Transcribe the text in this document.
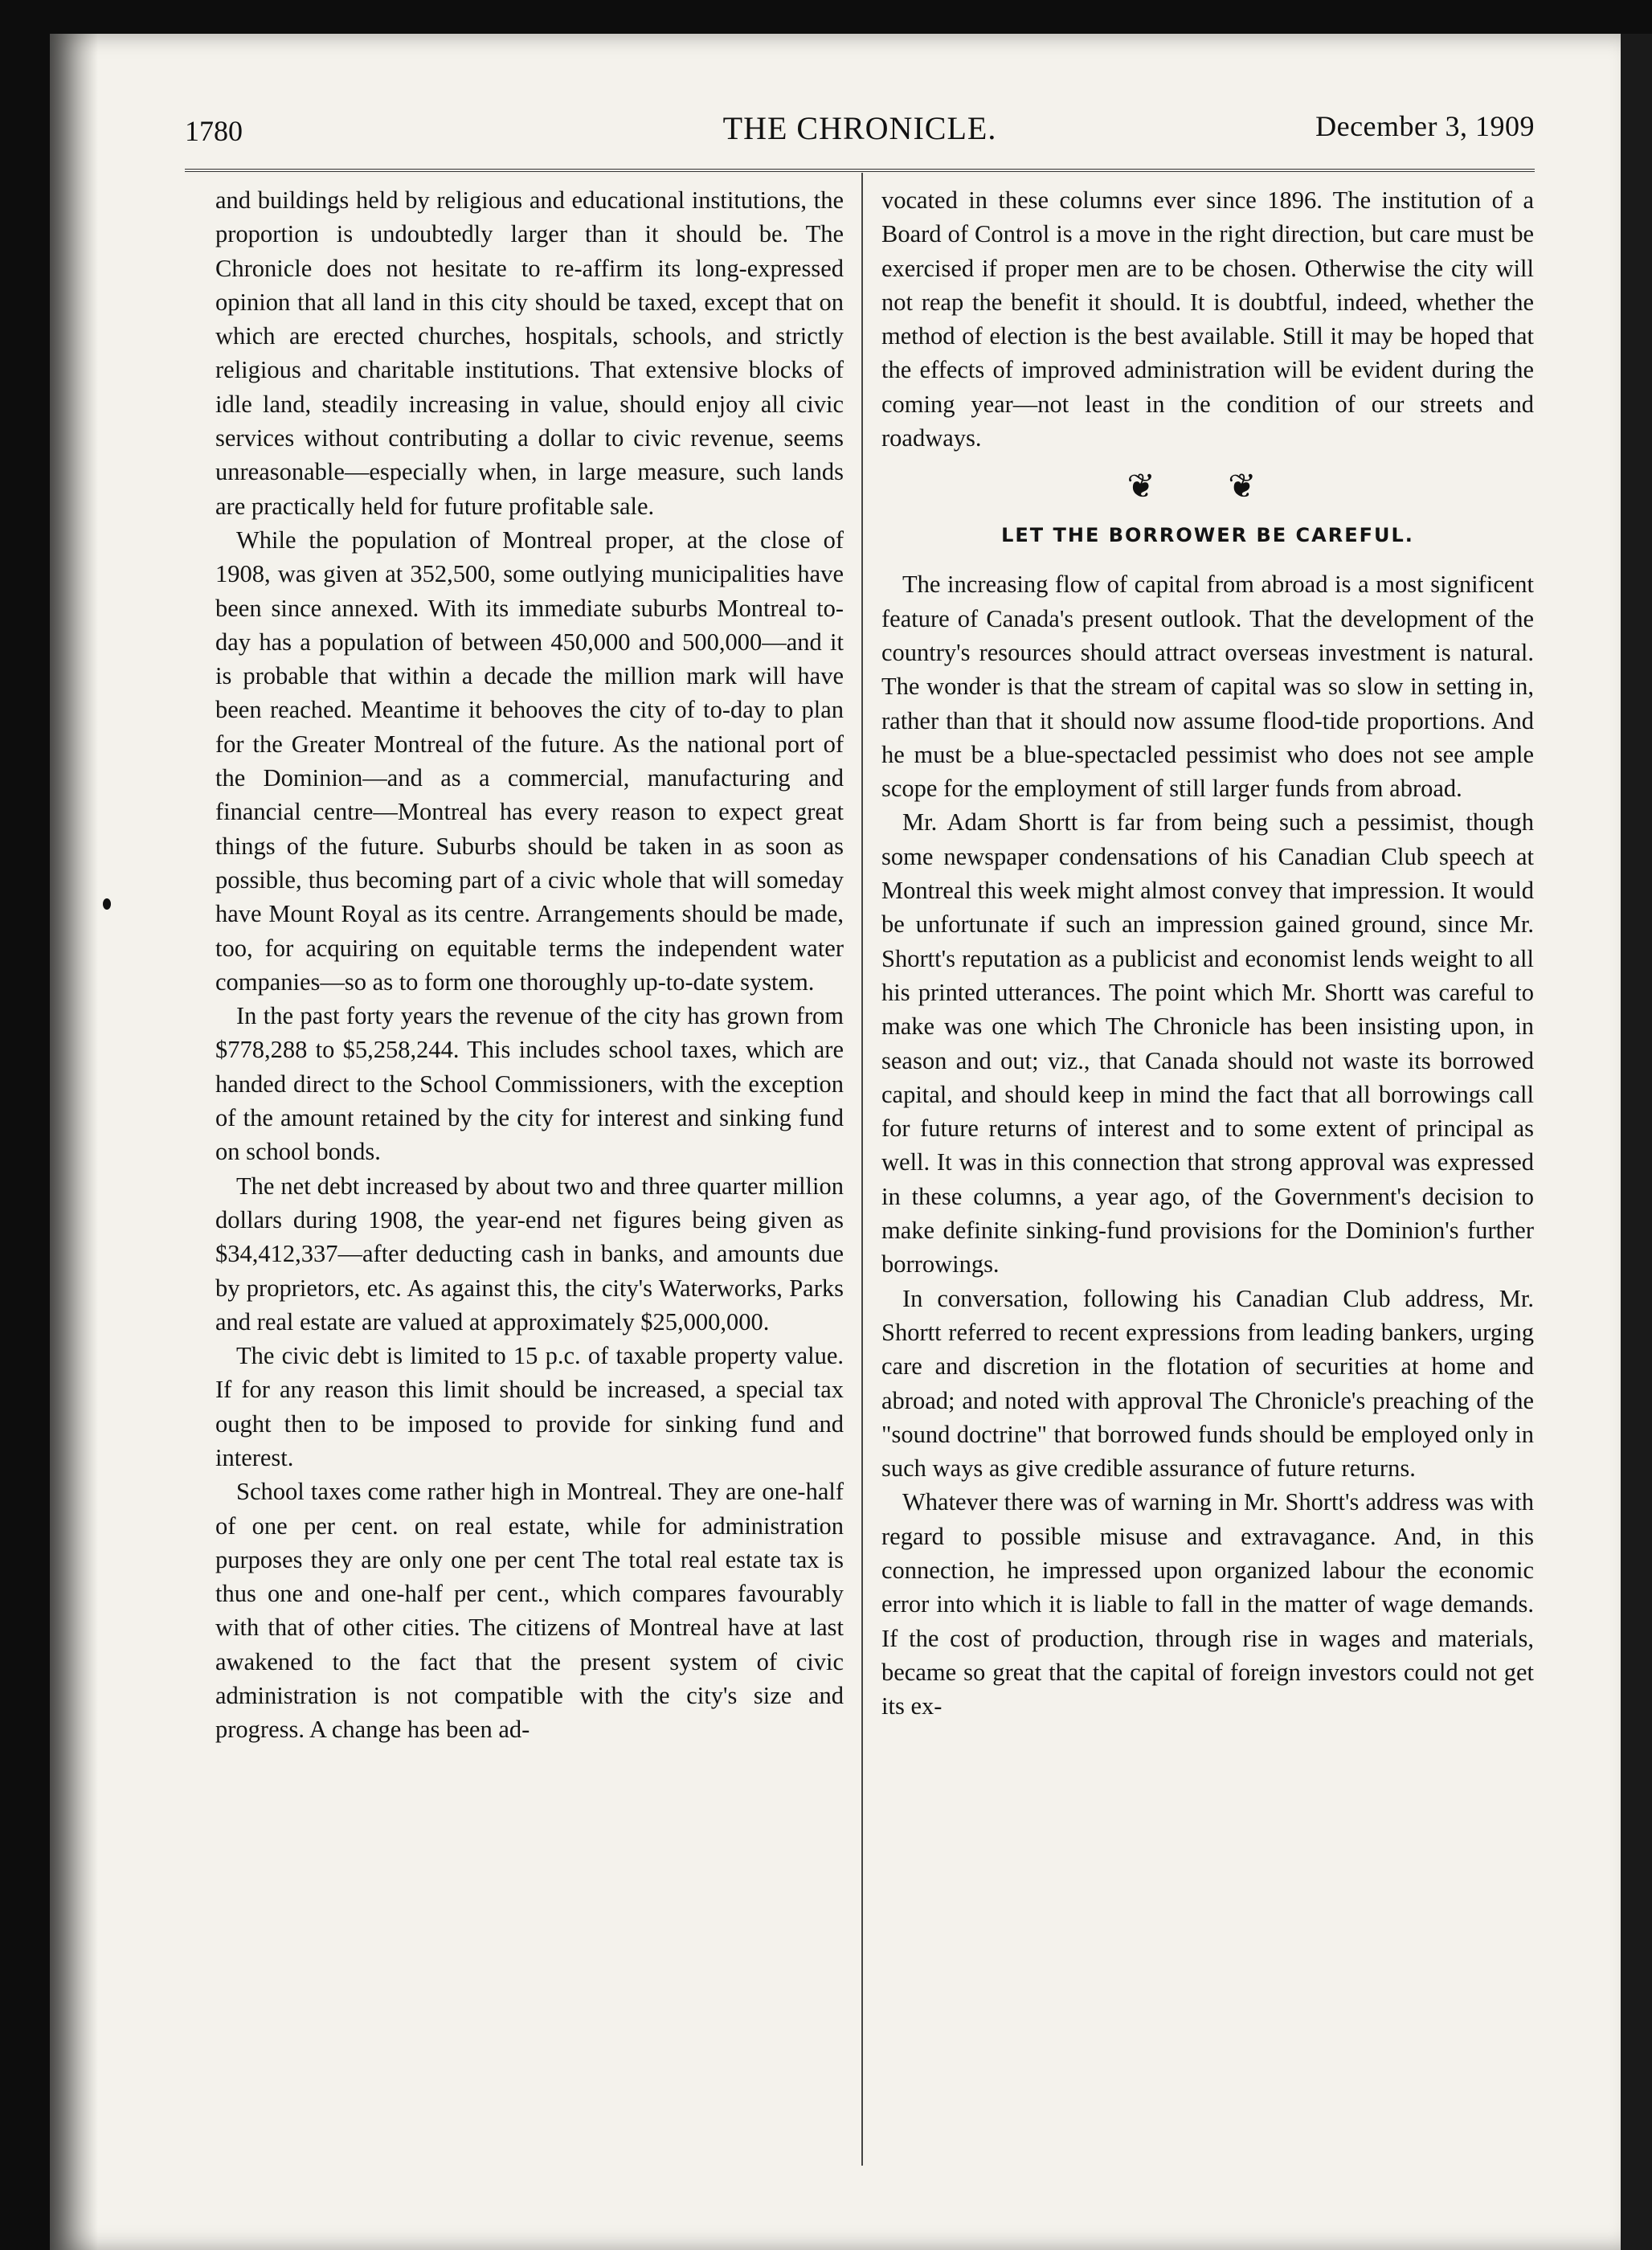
1780	THE CHRONICLE.	December 3, 1909

and buildings held by religious and educational institutions, the proportion is undoubtedly larger than it should be. The Chronicle does not hesitate to re-affirm its long-expressed opinion that all land in this city should be taxed, except that on which are erected churches, hospitals, schools, and strictly religious and charitable institutions. That extensive blocks of idle land, steadily increasing in value, should enjoy all civic services without contributing a dollar to civic revenue, seems unreasonable—especially when, in large measure, such lands are practically held for future profitable sale.

While the population of Montreal proper, at the close of 1908, was given at 352,500, some outlying municipalities have been since annexed. With its immediate suburbs Montreal to-day has a population of between 450,000 and 500,000—and it is probable that within a decade the million mark will have been reached. Meantime it behooves the city of to-day to plan for the Greater Montreal of the future. As the national port of the Dominion—and as a commercial, manufacturing and financial centre—Montreal has every reason to expect great things of the future. Suburbs should be taken in as soon as possible, thus becoming part of a civic whole that will someday have Mount Royal as its centre. Arrangements should be made, too, for acquiring on equitable terms the independent water companies—so as to form one thoroughly up-to-date system.

In the past forty years the revenue of the city has grown from $778,288 to $5,258,244. This includes school taxes, which are handed direct to the School Commissioners, with the exception of the amount retained by the city for interest and sinking fund on school bonds.

The net debt increased by about two and three quarter million dollars during 1908, the year-end net figures being given as $34,412,337—after deducting cash in banks, and amounts due by proprietors, etc. As against this, the city's Waterworks, Parks and real estate are valued at approximately $25,000,000.

The civic debt is limited to 15 p.c. of taxable property value. If for any reason this limit should be increased, a special tax ought then to be imposed to provide for sinking fund and interest.

School taxes come rather high in Montreal. They are one-half of one per cent. on real estate, while for administration purposes they are only one per cent The total real estate tax is thus one and one-half per cent., which compares favourably with that of other cities. The citizens of Montreal have at last awakened to the fact that the present system of civic administration is not compatible with the city's size and progress. A change has been ad-

vocated in these columns ever since 1896. The institution of a Board of Control is a move in the right direction, but care must be exercised if proper men are to be chosen. Otherwise the city will not reap the benefit it should. It is doubtful, indeed, whether the method of election is the best available. Still it may be hoped that the effects of improved administration will be evident during the coming year—not least in the condition of our streets and roadways.

❦ ❦
LET THE BORROWER BE CAREFUL.

The increasing flow of capital from abroad is a most significent feature of Canada's present outlook. That the development of the country's resources should attract overseas investment is natural. The wonder is that the stream of capital was so slow in setting in, rather than that it should now assume flood-tide proportions. And he must be a blue-spectacled pessimist who does not see ample scope for the employment of still larger funds from abroad.

Mr. Adam Shortt is far from being such a pessimist, though some newspaper condensations of his Canadian Club speech at Montreal this week might almost convey that impression. It would be unfortunate if such an impression gained ground, since Mr. Shortt's reputation as a publicist and economist lends weight to all his printed utterances. The point which Mr. Shortt was careful to make was one which The Chronicle has been insisting upon, in season and out; viz., that Canada should not waste its borrowed capital, and should keep in mind the fact that all borrowings call for future returns of interest and to some extent of principal as well. It was in this connection that strong approval was expressed in these columns, a year ago, of the Government's decision to make definite sinking-fund provisions for the Dominion's further borrowings.

In conversation, following his Canadian Club address, Mr. Shortt referred to recent expressions from leading bankers, urging care and discretion in the flotation of securities at home and abroad; and noted with approval The Chronicle's preaching of the "sound doctrine" that borrowed funds should be employed only in such ways as give credible assurance of future returns.

Whatever there was of warning in Mr. Shortt's address was with regard to possible misuse and extravagance. And, in this connection, he impressed upon organized labour the economic error into which it is liable to fall in the matter of wage demands. If the cost of production, through rise in wages and materials, became so great that the capital of foreign investors could not get its ex-
